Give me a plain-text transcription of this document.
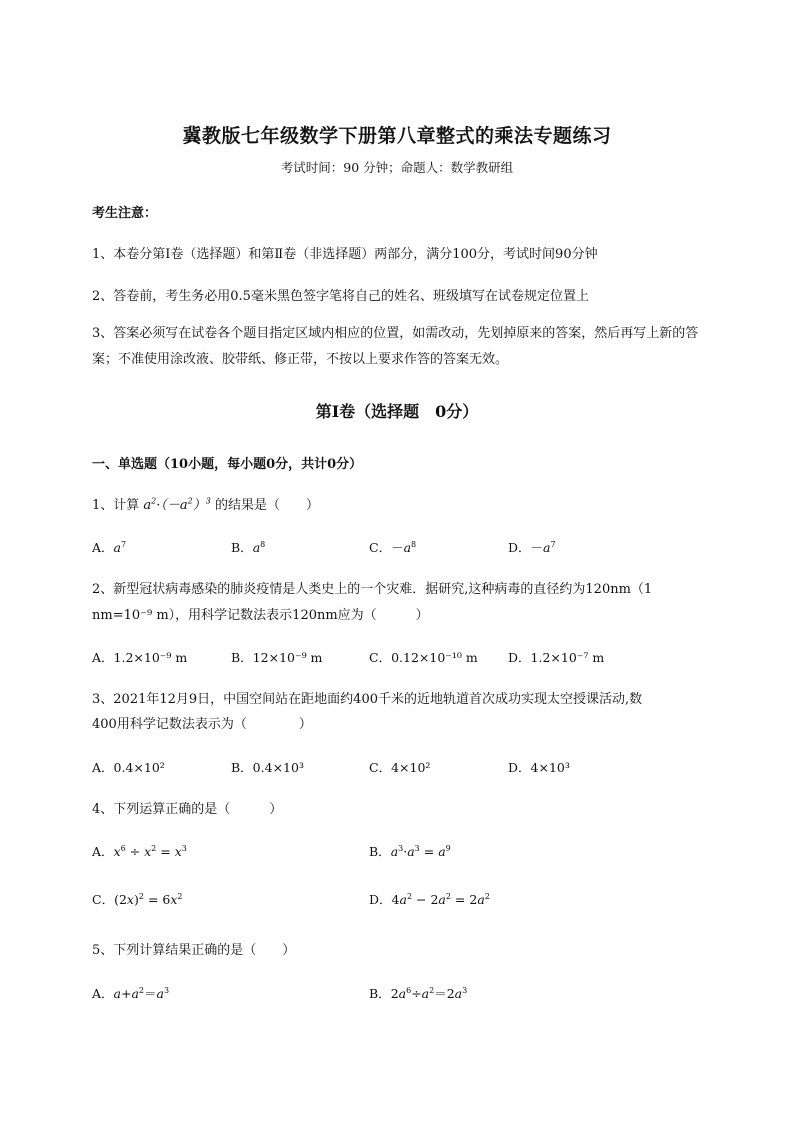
冀教版七年级数学下册第八章整式的乘法专题练习
考试时间：90 分钟；命题人：数学教研组
考生注意：
1、本卷分第Ⅰ卷（选择题）和第Ⅱ卷（非选择题）两部分，满分100分，考试时间90分钟
2、答卷前，考生务必用0.5毫米黑色签字笔将自己的姓名、班级填写在试卷规定位置上
3、答案必须写在试卷各个题目指定区域内相应的位置，如需改动，先划掉原来的答案，然后再写上新的答案；不准使用涂改液、胶带纸、修正带，不按以上要求作答的答案无效。
第Ⅰ卷（选择题　0分）
一、单选题（10小题，每小题0分，共计0分）
1、计算 $a^2\cdot(-a^2)^3$ 的结果是（　　）
A．$a^7$	B．$a^8$	C．$-a^8$	D．$-a^7$
2、新型冠状病毒感染的肺炎疫情是人类史上的一个灾难．据研究,这种病毒的直径约为120nm（1
nm=10⁻⁹ m），用科学记数法表示120nm应为（　　　）
A．1.2×10⁻⁹ m	B．12×10⁻⁹ m	C．0.12×10⁻¹⁰ m D．1.2×10⁻⁷ m
3、2021年12月9日，中国空间站在距地面约400千米的近地轨道首次成功实现太空授课活动,数
400用科学记数法表示为（　　　　）
A．0.4×10²	B．0.4×10³	C．4×10²	D．4×10³
4、下列运算正确的是（　　　）
A．$x^6 \div x^2 = x^3$	B．$a^3\cdot a^3 = a^9$
C．$(2x)^2 = 6x^2$	D．$4a^2 - 2a^2 = 2a^2$
5、下列计算结果正确的是（　　）
A．$a+a^2=a^3$	B．$2a^6\div a^2=2a^3$
